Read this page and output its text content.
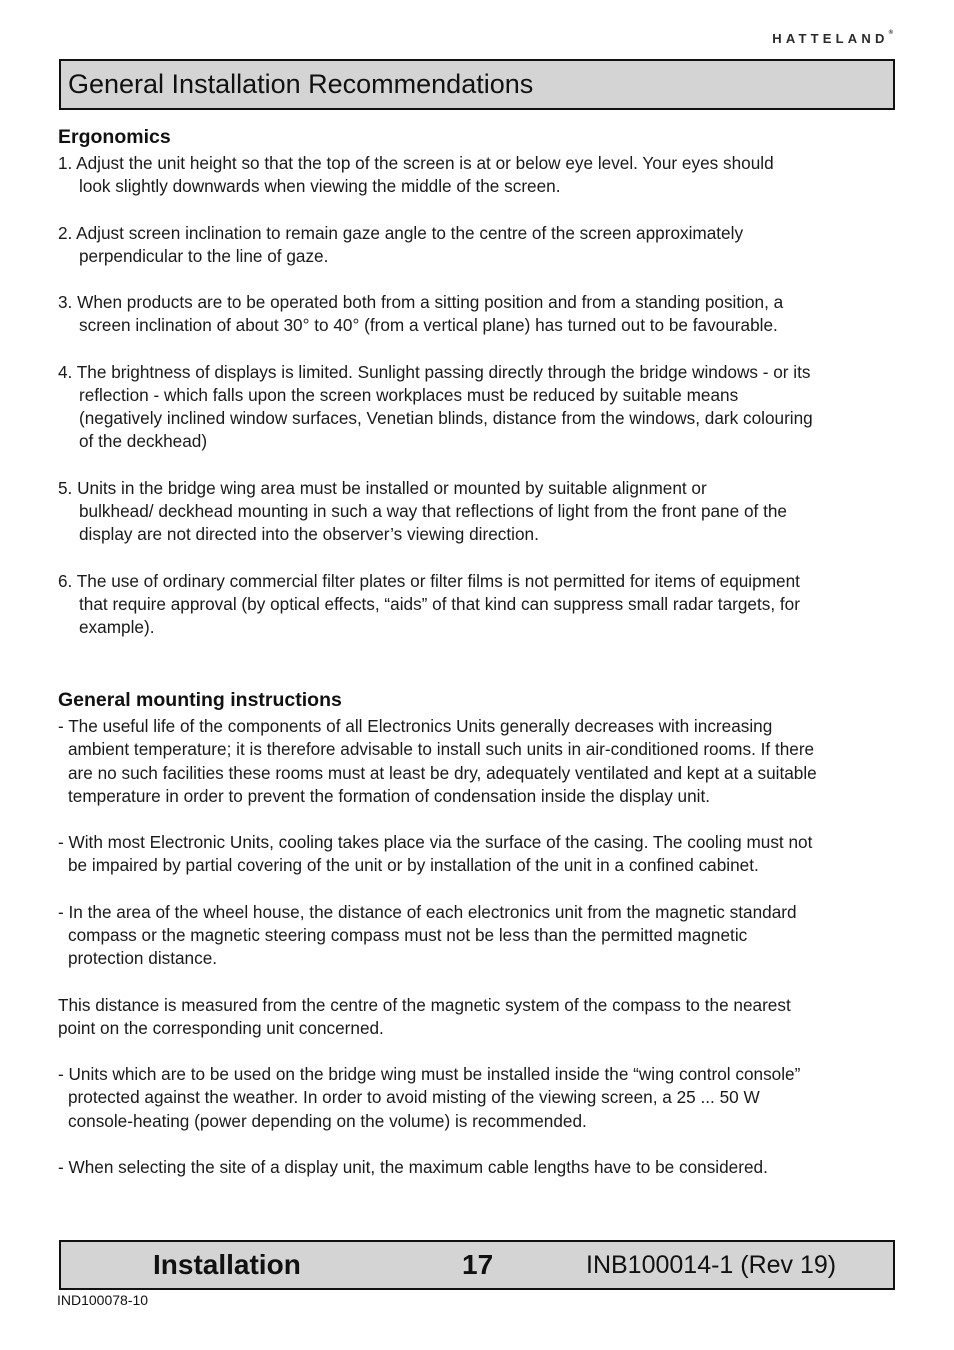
HATTELAND®
General Installation Recommendations
Ergonomics

1. Adjust the unit height so that the top of the screen is at or below eye level. Your eyes should
look slightly downwards when viewing the middle of the screen.

2. Adjust screen inclination to remain gaze angle to the centre of the screen approximately
perpendicular to the line of gaze.

3. When products are to be operated both from a sitting position and from a standing position, a
screen inclination of about 30° to 40° (from a vertical plane) has turned out to be favourable.

4. The brightness of displays is limited. Sunlight passing directly through the bridge windows - or its
reflection - which falls upon the screen workplaces must be reduced by suitable means
(negatively inclined window surfaces, Venetian blinds, distance from the windows, dark colouring
of the deckhead)

5. Units in the bridge wing area must be installed or mounted by suitable alignment or
bulkhead/ deckhead mounting in such a way that reflections of light from the front pane of the
display are not directed into the observer’s viewing direction.

6. The use of ordinary commercial filter plates or filter films is not permitted for items of equipment
that require approval (by optical effects, “aids” of that kind can suppress small radar targets, for
example).

General mounting instructions

- The useful life of the components of all Electronics Units generally decreases with increasing
ambient temperature; it is therefore advisable to install such units in air-conditioned rooms. If there
are no such facilities these rooms must at least be dry, adequately ventilated and kept at a suitable
temperature in order to prevent the formation of condensation inside the display unit.

- With most Electronic Units, cooling takes place via the surface of the casing. The cooling must not
be impaired by partial covering of the unit or by installation of the unit in a confined cabinet.

- In the area of the wheel house, the distance of each electronics unit from the magnetic standard
compass or the magnetic steering compass must not be less than the permitted magnetic
protection distance.

This distance is measured from the centre of the magnetic system of the compass to the nearest
point on the corresponding unit concerned.

- Units which are to be used on the bridge wing must be installed inside the “wing control console”
protected against the weather. In order to avoid misting of the viewing screen, a 25 ... 50 W
console-heating (power depending on the volume) is recommended.

- When selecting the site of a display unit, the maximum cable lengths have to be considered.

Installation	17	INB100014-1 (Rev 19)
IND100078-10
